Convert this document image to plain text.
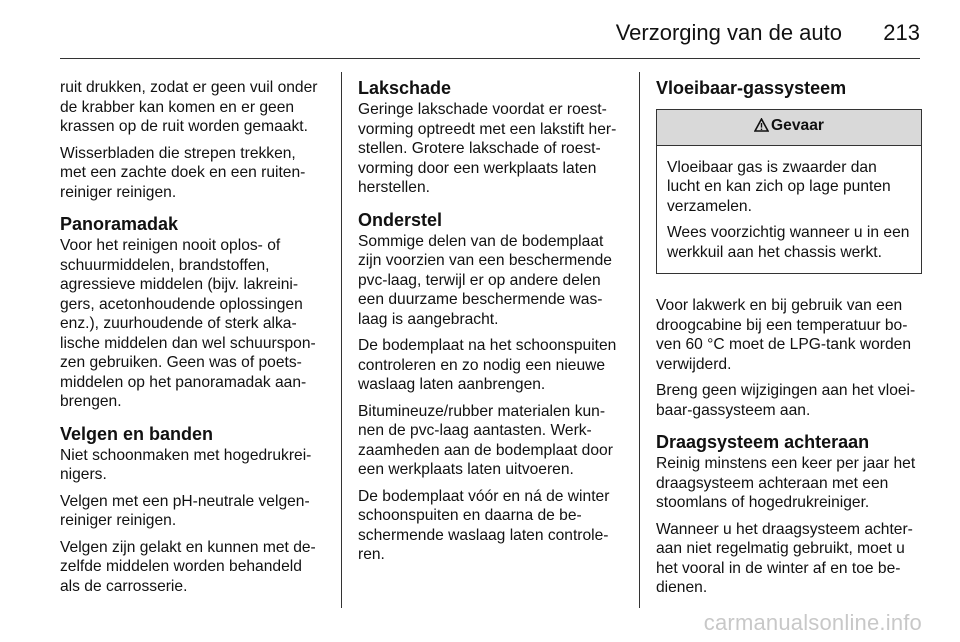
Verzorging van de auto 213

ruit drukken, zodat er geen vuil onder de krabber kan komen en er geen krassen op de ruit worden gemaakt.

Wisserbladen die strepen trekken, met een zachte doek en een ruiten-reiniger reinigen.

Panoramadak

Voor het reinigen nooit oplos- of schuurmiddelen, brandstoffen, agressieve middelen (bijv. lakreini-gers, acetonhoudende oplossingen enz.), zuurhoudende of sterk alka-lische middelen dan wel schuurspon-zen gebruiken. Geen was of poets-middelen op het panoramadak aan-brengen.

Velgen en banden

Niet schoonmaken met hogedrukrei-nigers.

Velgen met een pH-neutrale velgen-reiniger reinigen.

Velgen zijn gelakt en kunnen met de-zelfde middelen worden behandeld als de carrosserie.

Lakschade

Geringe lakschade voordat er roest-vorming optreedt met een lakstift her-stellen. Grotere lakschade of roest-vorming door een werkplaats laten herstellen.

Onderstel

Sommige delen van de bodemplaat zijn voorzien van een beschermende pvc-laag, terwijl er op andere delen een duurzame beschermende was-laag is aangebracht.

De bodemplaat na het schoonspuiten controleren en zo nodig een nieuwe waslaag laten aanbrengen.

Bitumineuze/rubber materialen kun-nen de pvc-laag aantasten. Werk-zaamheden aan de bodemplaat door een werkplaats laten uitvoeren.

De bodemplaat vóór en ná de winter schoonspuiten en daarna de be-schermende waslaag laten controle-ren.

Vloeibaar-gassysteem
Gevaar

Vloeibaar gas is zwaarder dan lucht en kan zich op lage punten verzamelen.

Wees voorzichtig wanneer u in een werkkuil aan het chassis werkt.

Voor lakwerk en bij gebruik van een droogcabine bij een temperatuur bo-ven 60 °C moet de LPG-tank worden verwijderd.

Breng geen wijzigingen aan het vloei-baar-gassysteem aan.

Draagsysteem achteraan

Reinig minstens een keer per jaar het draagsysteem achteraan met een stoomlans of hogedrukreiniger.

Wanneer u het draagsysteem achter-aan niet regelmatig gebruikt, moet u het vooral in de winter af en toe be-dienen.

carmanualsonline.info
